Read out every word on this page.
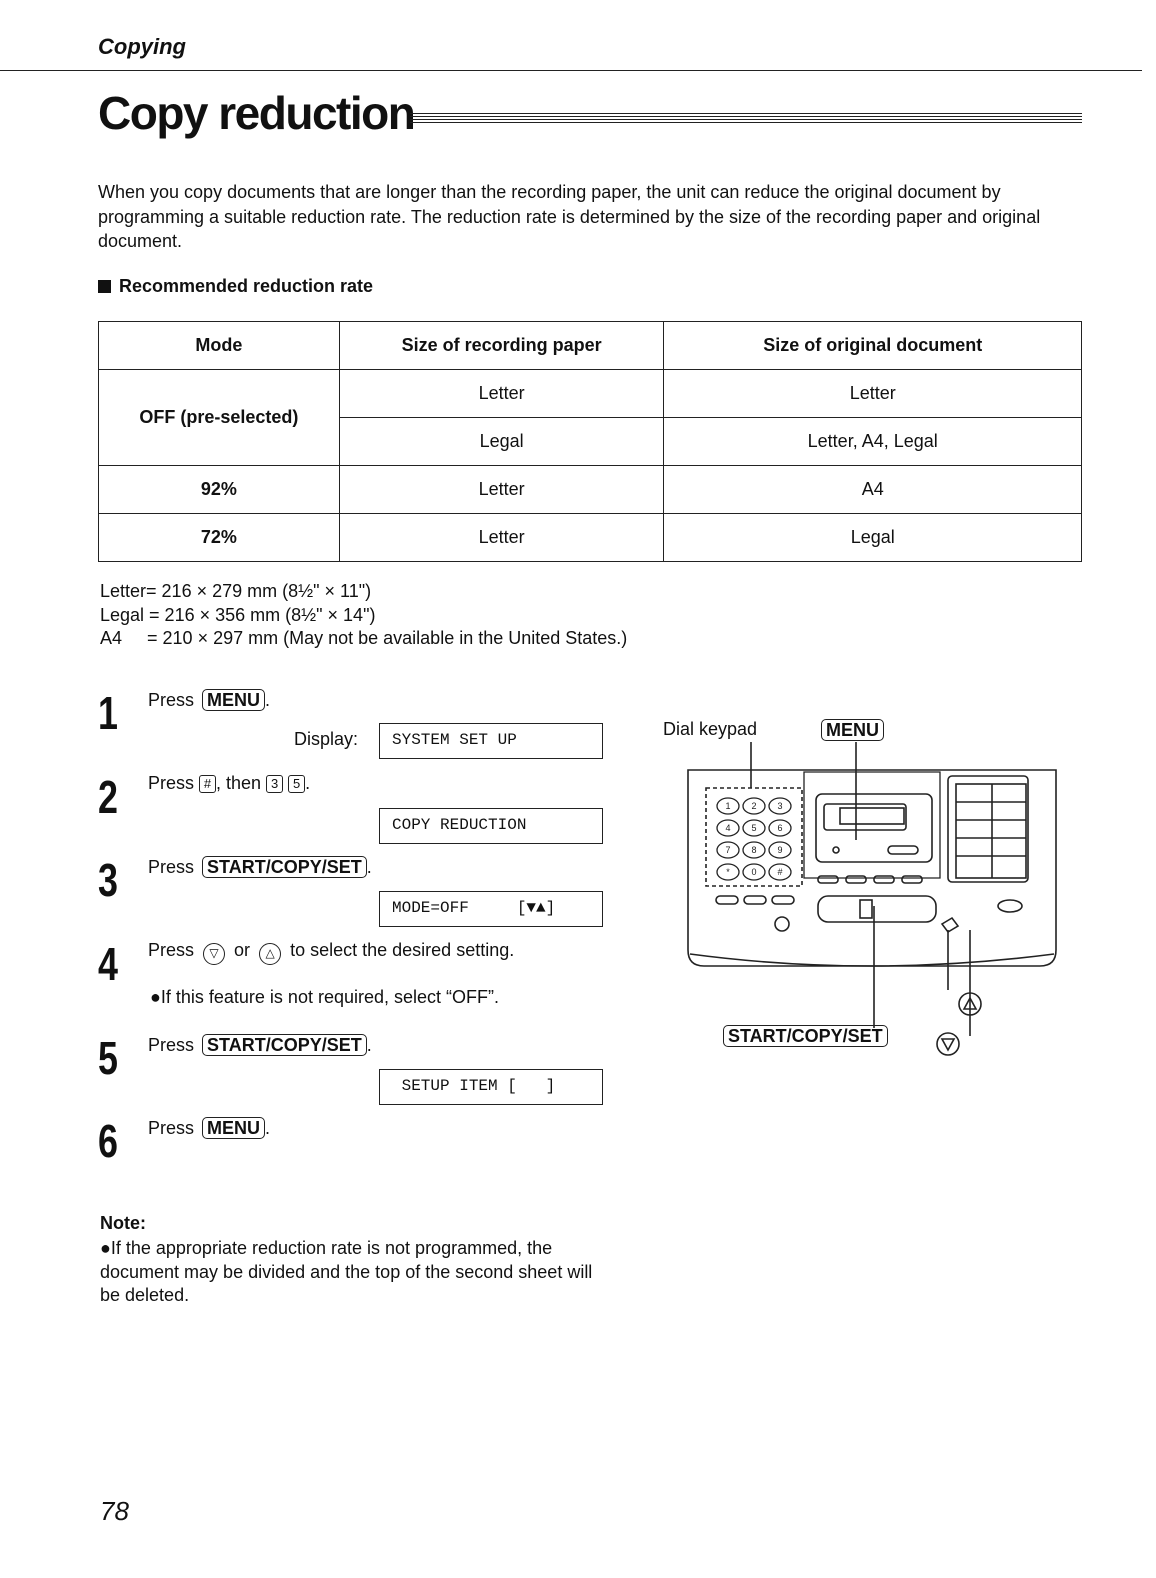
Copying
Copy reduction

When you copy documents that are longer than the recording paper, the unit can reduce the original document by programming a suitable reduction rate. The reduction rate is determined by the size of the recording paper and original document.

Recommended reduction rate
Mode	Size of recording paper	Size of original document
OFF (pre-selected)	Letter	Letter
	Legal	Letter, A4, Legal
92%	Letter	A4
72%	Letter	Legal
Letter= 216 × 279 mm (8½" × 11")
Legal = 216 × 356 mm (8½" × 14")
A4     = 210 × 297 mm (May not be available in the United States.)
1 Press MENU .
Display:	SYSTEM SET UP
2 Press # , then 3 5 .
COPY REDUCTION
3 Press START/COPY/SET .
MODE=OFF     [▼▲]
4 Press ▽ or △ to select the desired setting.
●If this feature is not required, select “OFF”.
5 Press START/COPY/SET .
SETUP ITEM [   ]
6 Press MENU .
Dial keypad	MENU
START/COPY/SET
1 2 3
4 5 6
7 8 9
* 0 #
Note:

●If the appropriate reduction rate is not programmed, the document may be divided and the top of the second sheet will be deleted.

78
